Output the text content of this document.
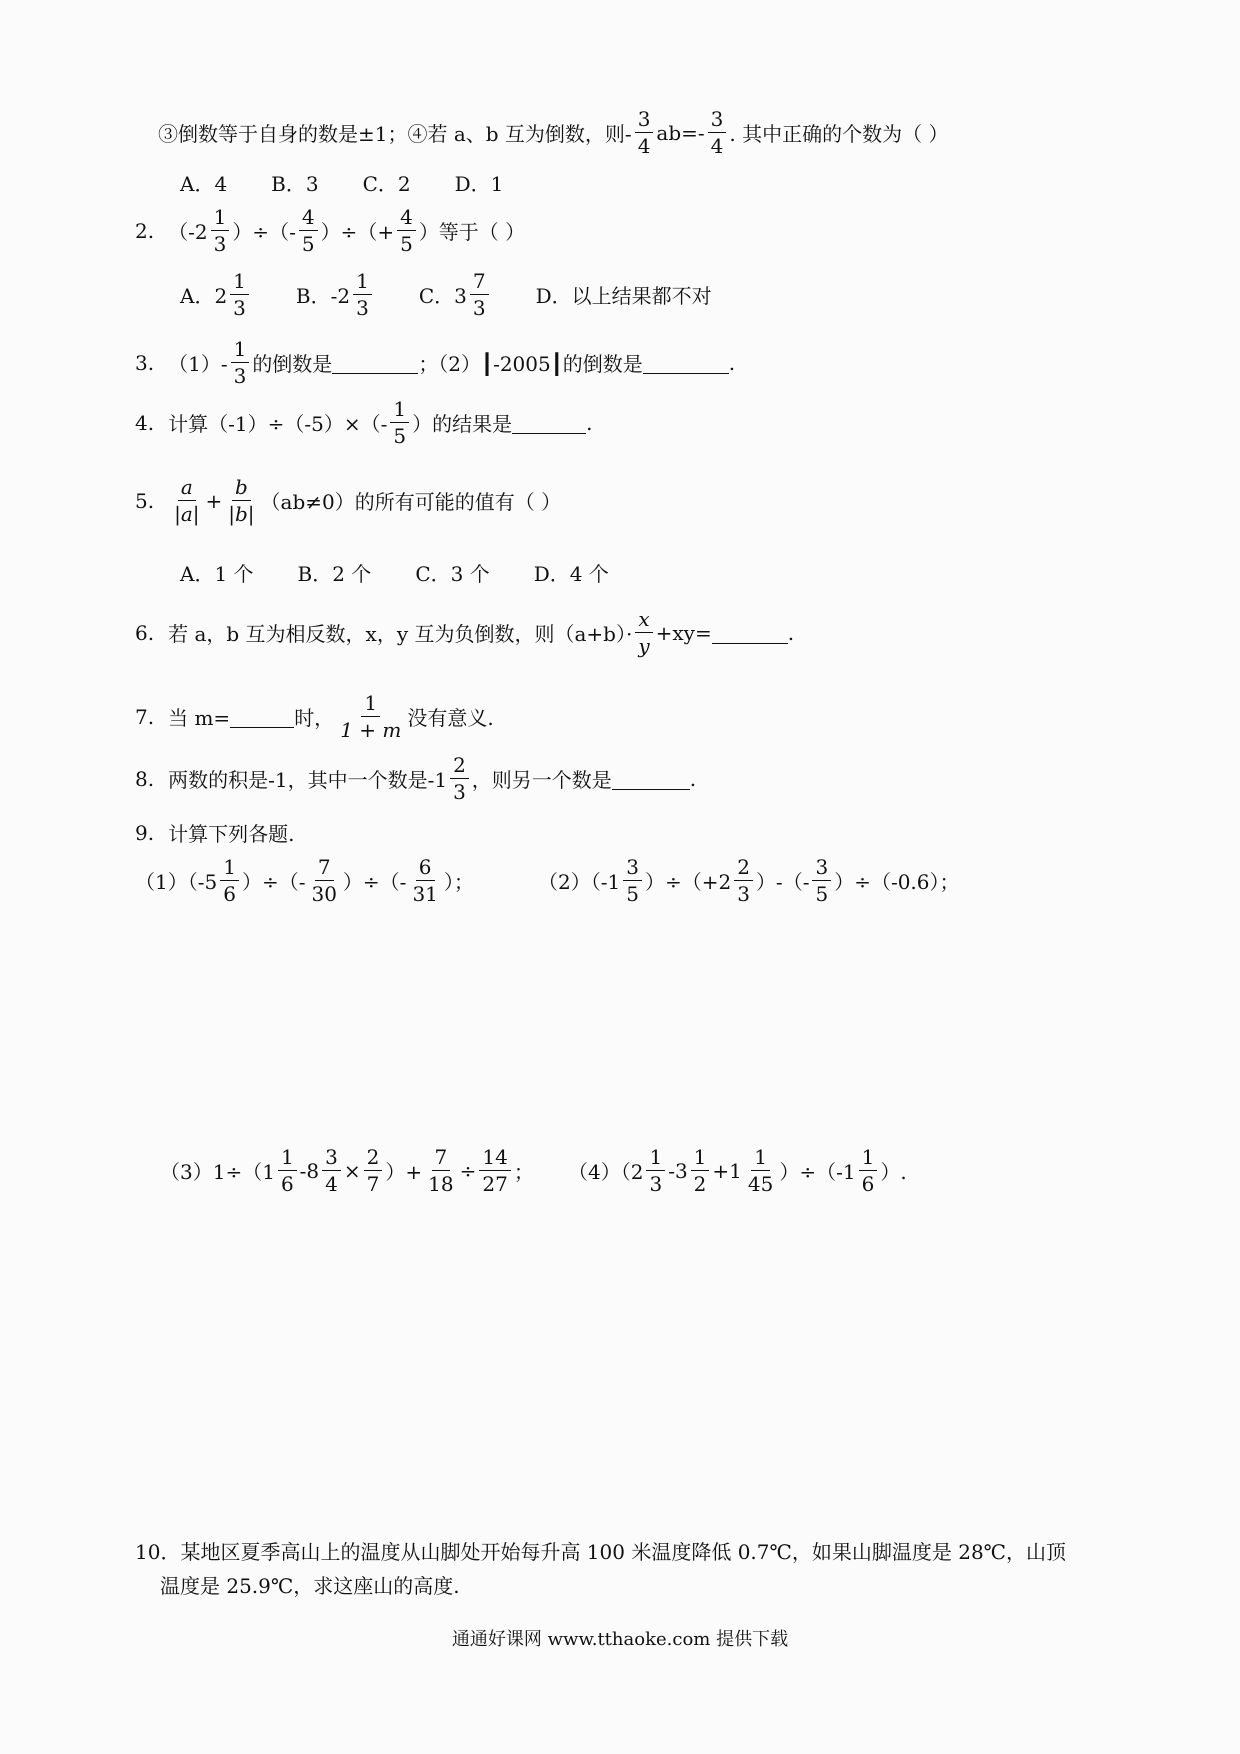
③倒数等于自身的数是±1；④若 a、b 互为倒数，则- $\frac{3}{4} ab=- \frac{3}{4}$ . 其中正确的个数为（ ）
A．4 B．3 C．2 D．1
2. （$-2 \frac{1}{3}$ ）÷（- $\frac{4}{5}$ ）÷（+ $\frac{4}{5}$ ）等于（ ）
A．$2 \frac{1}{3}$ B．$-2 \frac{1}{3}$ C．$3 \frac{7}{3}$ D．以上结果都不对
3. $(1)- \frac{1}{3}$ 的倒数是	；（2）┃-2005┃的倒数是	.
4. 计算$(-1)\div(-5)\times(- \frac{1}{5}$ ）的结果是	.
5. $\frac{a}{|a|} + \frac{b}{|b|} (ab\ne 0)$的所有可能的值有（ ）
A．1 个 B．2 个 C．3 个 D．4 个
6. 若 a，b 互为相反数，x，y 互为负倒数，则$(a+b)\cdot \frac{x}{y} +xy=$	.
7. 当 m=	时， $\frac{1}{1 + m}$ 没有意义.
8. 两数的积是-1，其中一个数是$-1 \frac{2}{3}$ ，则另一个数是	.
9. 计算下列各题.
$(1)(-5 \frac{1}{6}$ ）÷（- $\frac{7}{30}$ ）÷（- $\frac{6}{31}$ ）；	$(2)(-1 \frac{3}{5} )\div(+2 \frac{2}{3}$ ）-（- $\frac{3}{5} )\div(-0.6)$；
$(3)1\div(1 \frac{1}{6} -8 \frac{3}{4} \times \frac{2}{7}$ ）+ $\frac{7}{18} \div \frac{14}{27}$ ； $(4)(2 \frac{1}{3} -3 \frac{1}{2} +1 \frac{1}{45} )\div(-1 \frac{1}{6}$ ）.
10．某地区夏季高山上的温度从山脚处开始每升高 100 米温度降低 0.7℃，如果山脚温度是 28℃，山顶
温度是 25.9℃，求这座山的高度.
通通好课网 www.tthaoke.com 提供下载
